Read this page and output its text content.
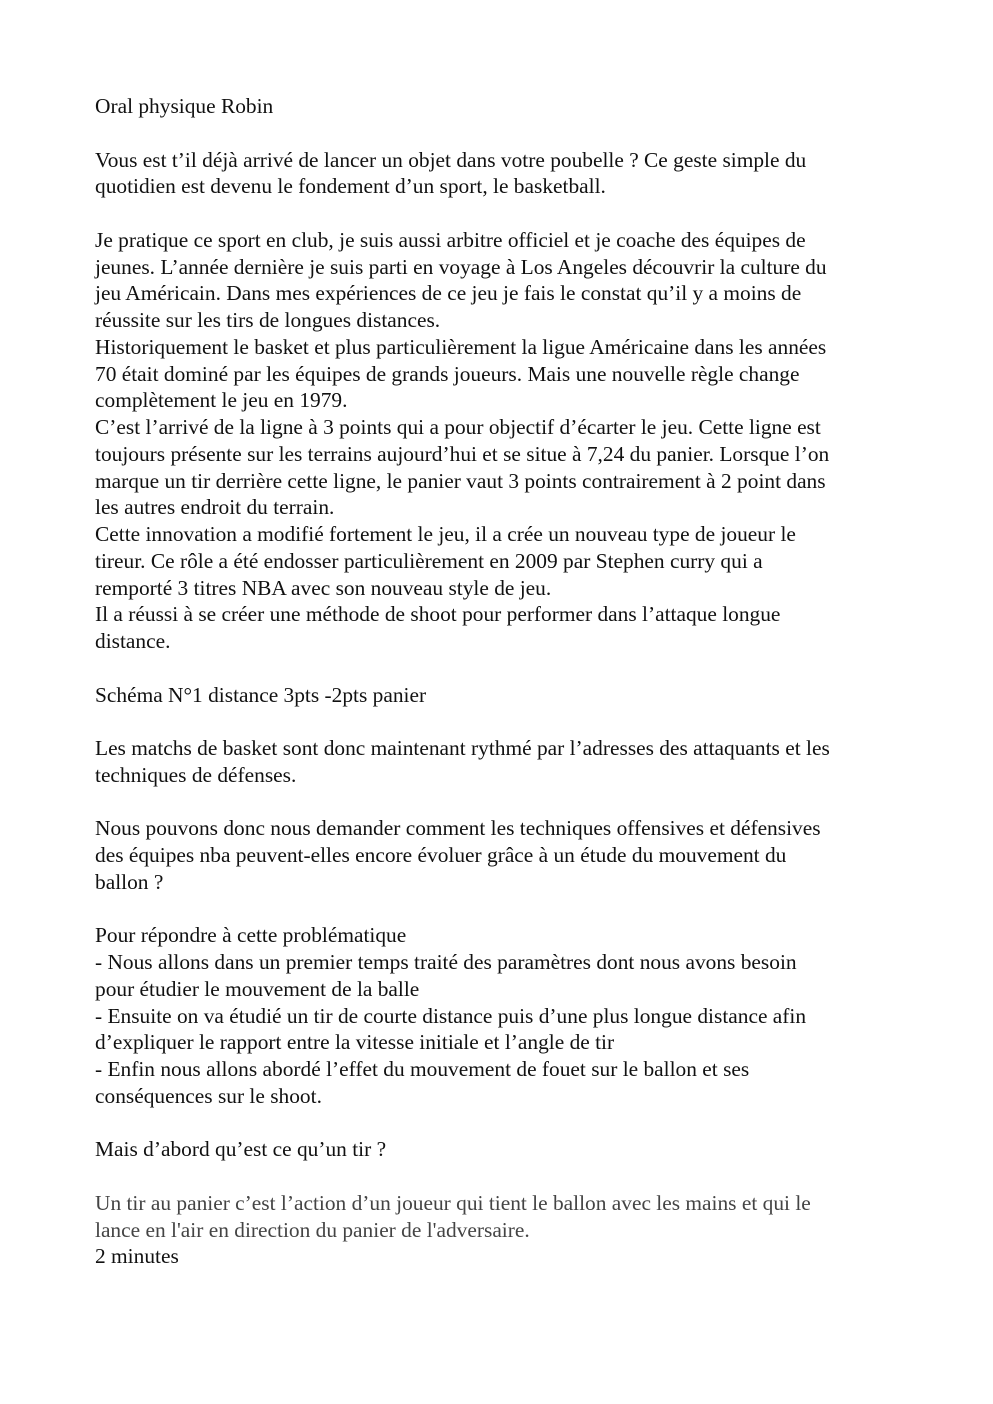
Oral physique Robin

Vous est t’il déjà arrivé de lancer un objet dans votre poubelle ? Ce geste simple du
quotidien est devenu le fondement d’un sport, le basketball.

Je pratique ce sport en club, je suis aussi arbitre officiel et je coache des équipes de
jeunes. L’année dernière je suis parti en voyage à Los Angeles découvrir la culture du
jeu Américain. Dans mes expériences de ce jeu je fais le constat qu’il y a moins de
réussite sur les tirs de longues distances.
Historiquement le basket et plus particulièrement la ligue Américaine dans les années
70 était dominé par les équipes de grands joueurs. Mais une nouvelle règle change
complètement le jeu en 1979.
C’est l’arrivé de la ligne à 3 points qui a pour objectif d’écarter le jeu. Cette ligne est
toujours présente sur les terrains aujourd’hui et se situe à 7,24 du panier. Lorsque l’on
marque un tir derrière cette ligne, le panier vaut 3 points contrairement à 2 point dans
les autres endroit du terrain.
Cette innovation a modifié fortement le jeu, il a crée un nouveau type de joueur le
tireur. Ce rôle a été endosser particulièrement en 2009 par Stephen curry qui a
remporté 3 titres NBA avec son nouveau style de jeu.
Il a réussi à se créer une méthode de shoot pour performer dans l’attaque longue
distance.

Schéma N°1 distance 3pts -2pts panier

Les matchs de basket sont donc maintenant rythmé par l’adresses des attaquants et les
techniques de défenses.

Nous pouvons donc nous demander comment les techniques offensives et défensives
des équipes nba peuvent-elles encore évoluer grâce à un étude du mouvement du
ballon ?

Pour répondre à cette problématique
- Nous allons dans un premier temps traité des paramètres dont nous avons besoin
pour étudier le mouvement de la balle
- Ensuite on va étudié un tir de courte distance puis d’une plus longue distance afin
d’expliquer le rapport entre la vitesse initiale et l’angle de tir
- Enfin nous allons abordé l’effet du mouvement de fouet sur le ballon et ses
conséquences sur le shoot.

Mais d’abord qu’est ce qu’un tir ?

Un tir au panier c’est l’action d’un joueur qui tient le ballon avec les mains et qui le
lance en l'air en direction du panier de l'adversaire.

2 minutes
